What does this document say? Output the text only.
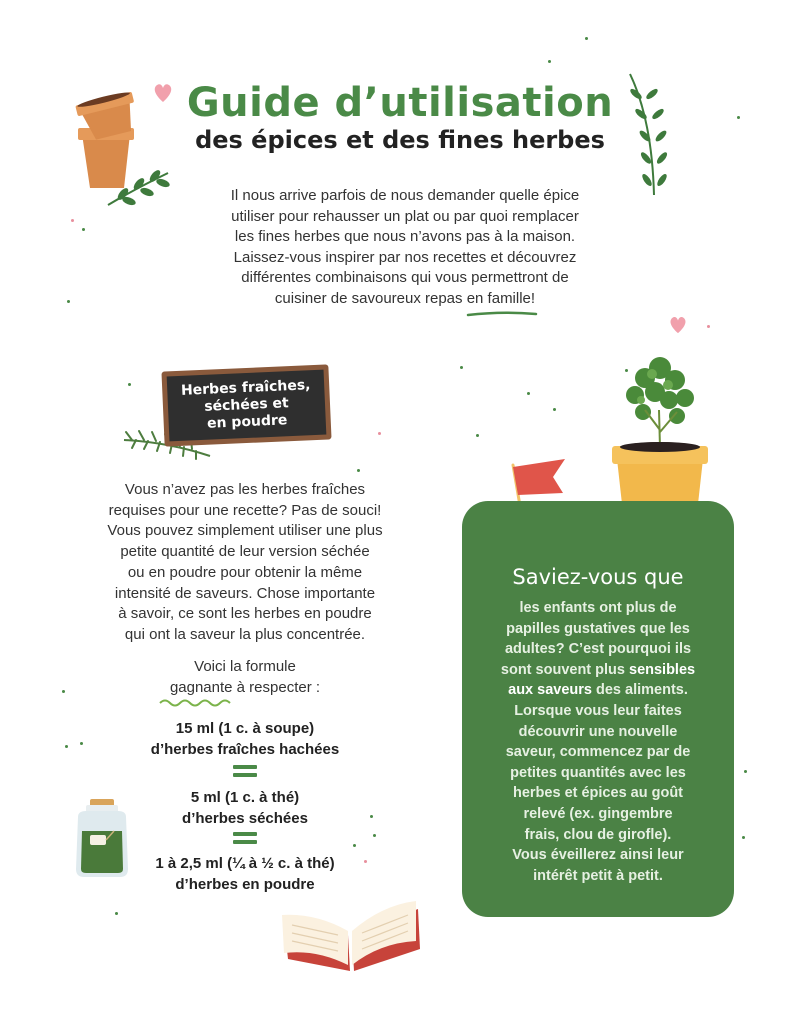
Guide d’utilisation
des épices et des fines herbes
Il nous arrive parfois de nous demander quelle épice
utiliser pour rehausser un plat ou par quoi remplacer
les fines herbes que nous n’avons pas à la maison.
Laissez-vous inspirer par nos recettes et découvrez
différentes combinaisons qui vous permettront de
cuisiner de savoureux repas en famille!
Herbes fraîches,
séchées et
en poudre
Vous n’avez pas les herbes fraîches
requises pour une recette? Pas de souci!
Vous pouvez simplement utiliser une plus
petite quantité de leur version séchée
ou en poudre pour obtenir la même
intensité de saveurs. Chose importante
à savoir, ce sont les herbes en poudre
qui ont la saveur la plus concentrée.
Voici la formule
gagnante à respecter :
15 ml (1 c. à soupe)
d’herbes fraîches hachées
5 ml (1 c. à thé)
d’herbes séchées
1 à 2,5 ml (¼ à ½ c. à thé)
d’herbes en poudre
Saviez-vous que
les enfants ont plus de
papilles gustatives que les
adultes? C’est pourquoi ils
sont souvent plus sensibles
aux saveurs des aliments.
Lorsque vous leur faites
découvrir une nouvelle
saveur, commencez par de
petites quantités avec les
herbes et épices au goût
relevé (ex. gingembre
frais, clou de girofle).
Vous éveillerez ainsi leur
intérêt petit à petit.
